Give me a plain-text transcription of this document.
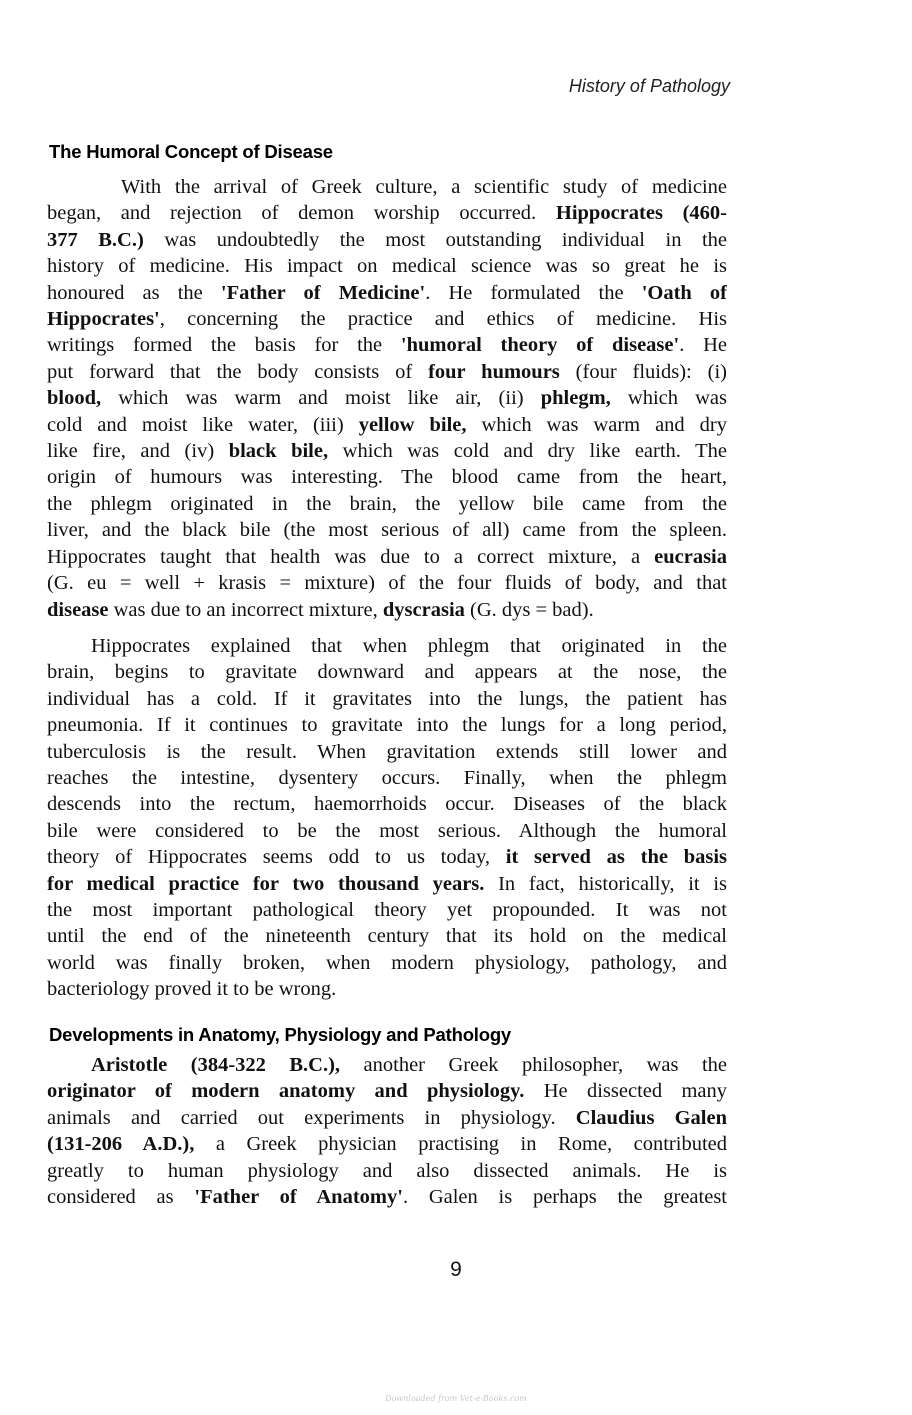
History of Pathology
The Humoral Concept of Disease
With the arrival of Greek culture, a scientific study of medicine
began, and rejection of demon worship occurred. Hippocrates (460-
377 B.C.) was undoubtedly the most outstanding individual in the
history of medicine. His impact on medical science was so great he is
honoured as the 'Father of Medicine'. He formulated the 'Oath of
Hippocrates', concerning the practice and ethics of medicine. His
writings formed the basis for the 'humoral theory of disease'. He
put forward that the body consists of four humours (four fluids): (i)
blood, which was warm and moist like air, (ii) phlegm, which was
cold and moist like water, (iii) yellow bile, which was warm and dry
like fire, and (iv) black bile, which was cold and dry like earth. The
origin of humours was interesting. The blood came from the heart,
the phlegm originated in the brain, the yellow bile came from the
liver, and the black bile (the most serious of all) came from the spleen.
Hippocrates taught that health was due to a correct mixture, a eucrasia
(G. eu = well + krasis = mixture) of the four fluids of body, and that
disease was due to an incorrect mixture, dyscrasia (G. dys = bad).
Hippocrates explained that when phlegm that originated in the
brain, begins to gravitate downward and appears at the nose, the
individual has a cold. If it gravitates into the lungs, the patient has
pneumonia. If it continues to gravitate into the lungs for a long period,
tuberculosis is the result. When gravitation extends still lower and
reaches the intestine, dysentery occurs. Finally, when the phlegm
descends into the rectum, haemorrhoids occur. Diseases of the black
bile were considered to be the most serious. Although the humoral
theory of Hippocrates seems odd to us today, it served as the basis
for medical practice for two thousand years. In fact, historically, it is
the most important pathological theory yet propounded. It was not
until the end of the nineteenth century that its hold on the medical
world was finally broken, when modern physiology, pathology, and
bacteriology proved it to be wrong.
Developments in Anatomy, Physiology and Pathology
Aristotle (384-322 B.C.), another Greek philosopher, was the
originator of modern anatomy and physiology. He dissected many
animals and carried out experiments in physiology. Claudius Galen
(131-206 A.D.), a Greek physician practising in Rome, contributed
greatly to human physiology and also dissected animals. He is
considered as 'Father of Anatomy'. Galen is perhaps the greatest
9
Downloaded from Vet-e-Books.com
